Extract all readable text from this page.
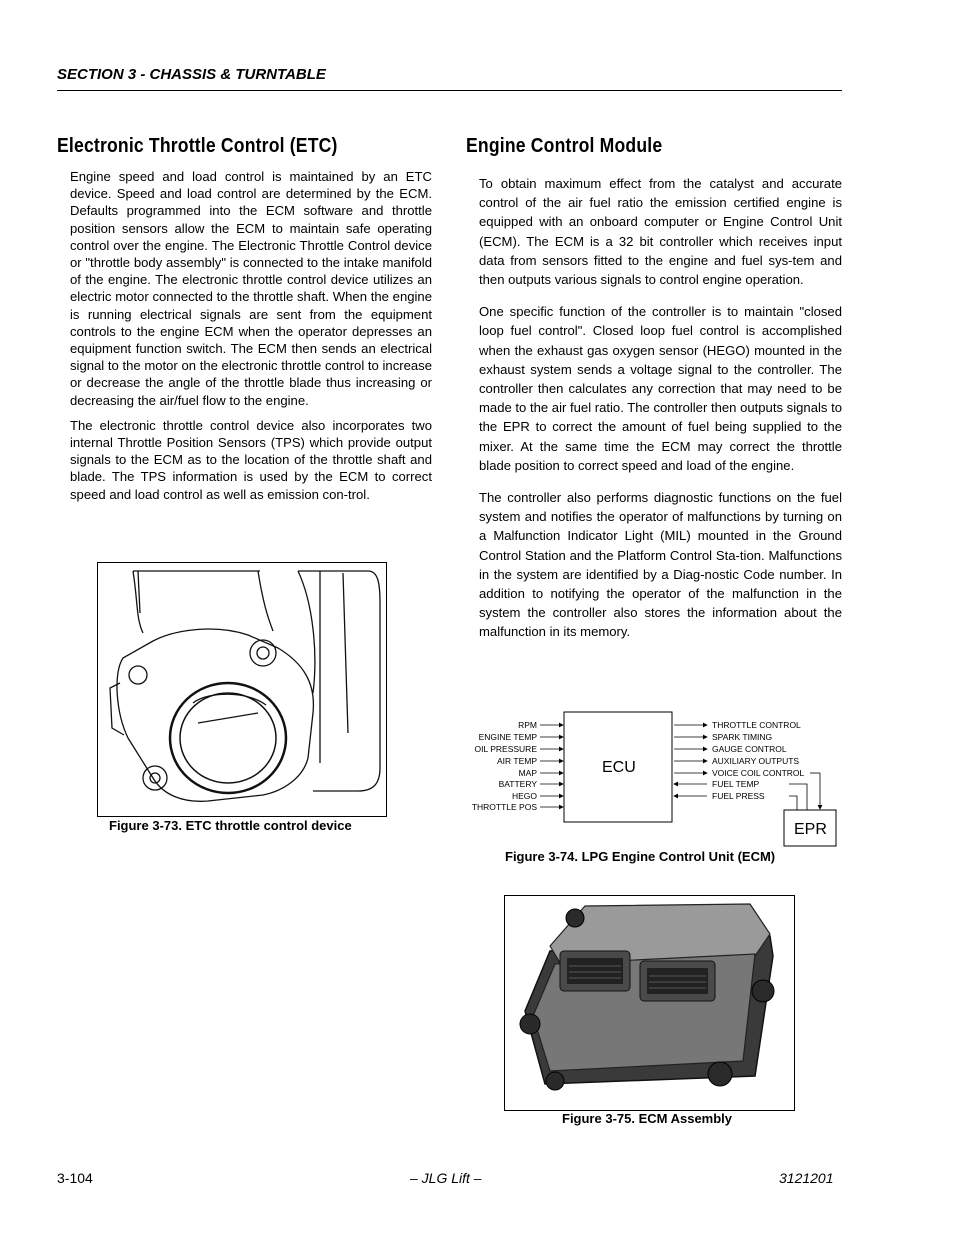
SECTION 3 - CHASSIS & TURNTABLE
Electronic Throttle Control (ETC)

Engine speed and load control is maintained by an ETC device. Speed and load control are determined by the ECM. Defaults programmed into the ECM software and throttle position sensors allow the ECM to maintain safe operating control over the engine. The Electronic Throttle Control device or "throttle body assembly" is connected to the intake manifold of the engine. The electronic throttle control device utilizes an electric motor connected to the throttle shaft. When the engine is running electrical signals are sent from the equipment controls to the engine ECM when the operator depresses an equipment function switch. The ECM then sends an electrical signal to the motor on the electronic throttle control to increase or decrease the angle of the throttle blade thus increasing or decreasing the air/fuel flow to the engine.

The electronic throttle control device also incorporates two internal Throttle Position Sensors (TPS) which provide output signals to the ECM as to the location of the throttle shaft and blade. The TPS information is used by the ECM to correct speed and load control as well as emission con-trol.

Figure 3-73. ETC throttle control device
Engine Control Module

To obtain maximum effect from the catalyst and accurate control of the air fuel ratio the emission certified engine is equipped with an onboard computer or Engine Control Unit (ECM). The ECM is a 32 bit controller which receives input data from sensors fitted to the engine and fuel sys-tem and then outputs various signals to control engine operation.

One specific function of the controller is to maintain "closed loop fuel control". Closed loop fuel control is accomplished when the exhaust gas oxygen sensor (HEGO) mounted in the exhaust system sends a voltage signal to the controller. The controller then calculates any correction that may need to be made to the air fuel ratio. The controller then outputs signals to the EPR to correct the amount of fuel being supplied to the mixer. At the same time the ECM may correct the throttle blade position to correct speed and load of the engine.

The controller also performs diagnostic functions on the fuel system and notifies the operator of malfunctions by turning on a Malfunction Indicator Light (MIL) mounted in the Ground Control Station and the Platform Control Sta-tion. Malfunctions in the system are identified by a Diag-nostic Code number. In addition to notifying the operator of the malfunction in the system the controller also stores the information about the malfunction in its memory.

ECU
EPR
RPM
ENGINE TEMP
OIL PRESSURE
AIR TEMP
MAP
BATTERY
HEGO
THROTTLE POS
THROTTLE CONTROL
SPARK TIMING
GAUGE CONTROL
AUXILIARY OUTPUTS
VOICE COIL CONTROL
FUEL TEMP
FUEL PRESS
Figure 3-74. LPG Engine Control Unit (ECM)
Figure 3-75. ECM Assembly
3-104	– JLG Lift –	3121201
